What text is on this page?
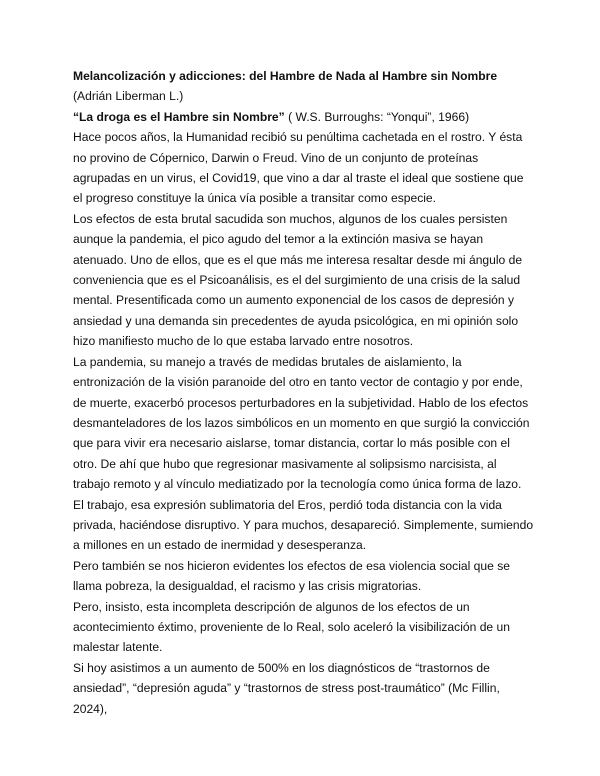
Melancolización y adicciones: del Hambre de Nada al Hambre sin Nombre (Adrián Liberman L.)

“La droga es el Hambre sin Nombre” ( W.S. Burroughs: “Yonqui”, 1966)

Hace pocos años, la Humanidad recibió su penúltima cachetada en el rostro. Y ésta no provino de Cópernico, Darwin o Freud. Vino de un conjunto de proteínas agrupadas en un virus, el Covid19, que vino a dar al traste el ideal que sostiene que el progreso constituye la única vía posible a transitar como especie.

Los efectos de esta brutal sacudida son muchos, algunos de los cuales persisten aunque la pandemia, el pico agudo del temor a la extinción masiva se hayan atenuado. Uno de ellos, que es el que más me interesa resaltar desde mi ángulo de conveniencia que es el Psicoanálisis, es el del surgimiento de una crisis de la salud mental. Presentificada como un aumento exponencial de los casos de depresión y ansiedad y una demanda sin precedentes de ayuda psicológica, en mi opinión solo hizo manifiesto mucho de lo que estaba larvado entre nosotros.

La pandemia, su manejo a través de medidas brutales de aislamiento, la entronización de la visión paranoide del otro en tanto vector de contagio y por ende, de muerte, exacerbó procesos perturbadores en la subjetividad. Hablo de los efectos desmanteladores de los lazos simbólicos en un momento en que surgió la convicción que para vivir era necesario aislarse, tomar distancia, cortar lo más posible con el otro. De ahí que hubo que regresionar masivamente al solipsismo narcisista, al trabajo remoto y al vínculo mediatizado por la tecnología como única forma de lazo.

El trabajo, esa expresión sublimatoria del Eros, perdió toda distancia con la vida privada, haciéndose disruptivo. Y para muchos, desapareció. Simplemente, sumiendo a millones en un estado de inermidad y desesperanza.

Pero también se nos hicieron evidentes los efectos de esa violencia social que se llama pobreza, la desigualdad, el racismo y las crisis migratorias.

Pero, insisto, esta incompleta descripción de algunos de los efectos de un acontecimiento éxtimo, proveniente de lo Real, solo aceleró la visibilización de un malestar latente.

Si hoy asistimos a un aumento de 500% en los diagnósticos de “trastornos de ansiedad”, “depresión aguda” y “trastornos de stress post-traumático” (Mc Fillin, 2024),
